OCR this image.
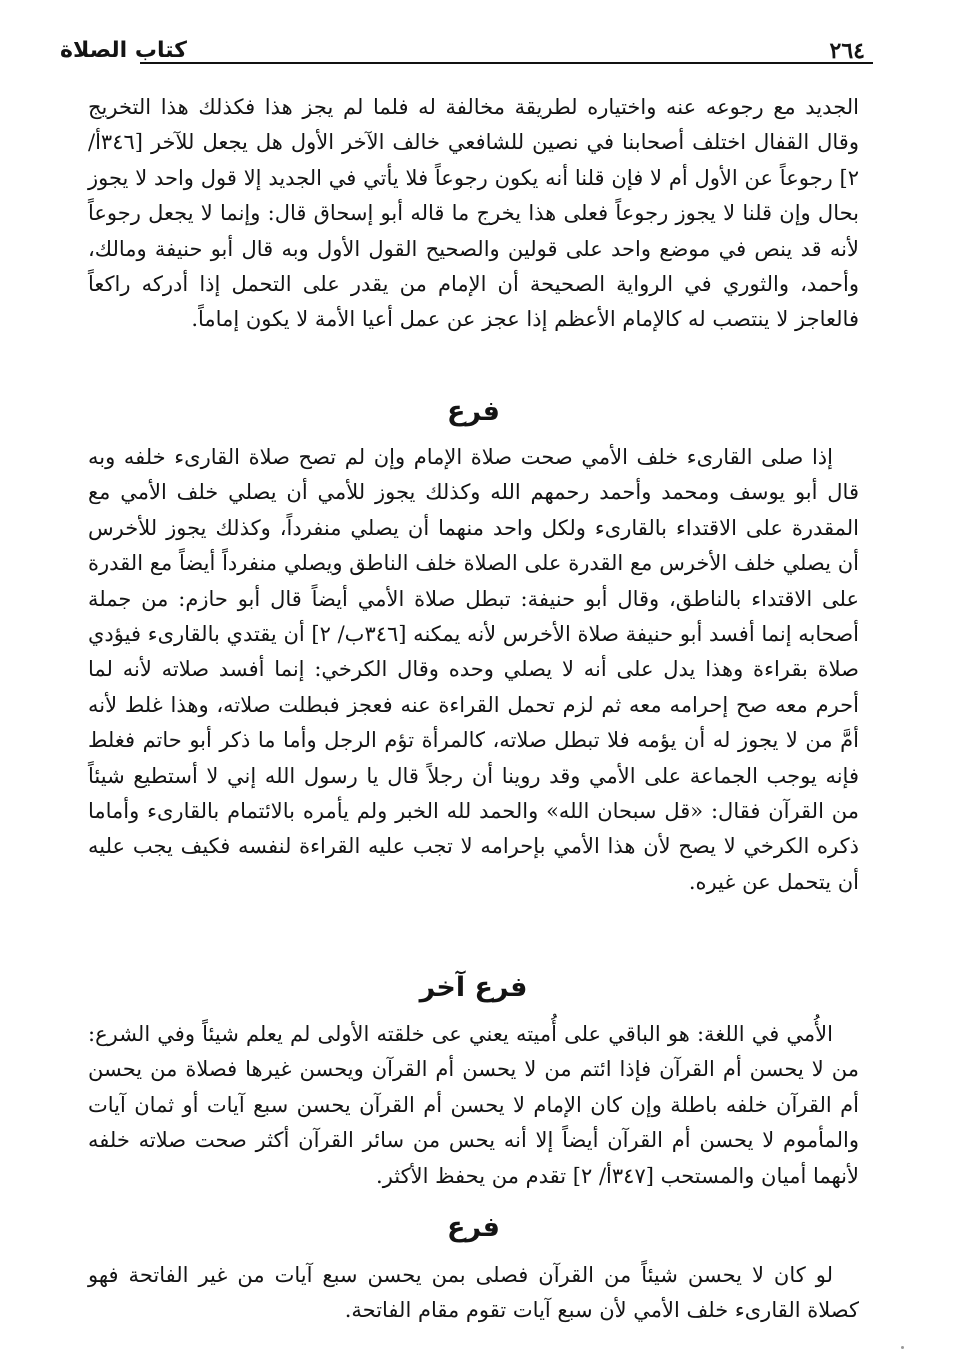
٢٦٤
كتاب الصلاة

الجديد مع رجوعه عنه واختياره لطريقة مخالفة له فلما لم يجز هذا فكذلك هذا التخريج وقال القفال اختلف أصحابنا في نصين للشافعي خالف الآخر الأول هل يجعل للآخر [٣٤٦أ/ ٢] رجوعاً عن الأول أم لا فإن قلنا أنه يكون رجوعاً فلا يأتي في الجديد إلا قول واحد لا يجوز بحال وإن قلنا لا يجوز رجوعاً فعلى هذا يخرج ما قاله أبو إسحاق قال: وإنما لا يجعل رجوعاً لأنه قد ينص في موضع واحد على قولين والصحيح القول الأول وبه قال أبو حنيفة ومالك، وأحمد، والثوري في الرواية الصحيحة أن الإمام من يقدر على التحمل إذا أدركه راكعاً فالعاجز لا ينتصب له كالإمام الأعظم إذا عجز عن عمل أعيا الأمة لا يكون إماماً.

فرع

إذا صلى القارىء خلف الأمي صحت صلاة الإمام وإن لم تصح صلاة القارىء خلفه وبه قال أبو يوسف ومحمد وأحمد رحمهم الله وكذلك يجوز للأمي أن يصلي خلف الأمي مع المقدرة على الاقتداء بالقارىء ولكل واحد منهما أن يصلي منفرداً، وكذلك يجوز للأخرس أن يصلي خلف الأخرس مع القدرة على الصلاة خلف الناطق ويصلي منفرداً أيضاً مع القدرة على الاقتداء بالناطق، وقال أبو حنيفة: تبطل صلاة الأمي أيضاً قال أبو حازم: من جملة أصحابه إنما أفسد أبو حنيفة صلاة الأخرس لأنه يمكنه [٣٤٦ب/ ٢] أن يقتدي بالقارىء فيؤدي صلاة بقراءة وهذا يدل على أنه لا يصلي وحده وقال الكرخي: إنما أفسد صلاته لأنه لما أحرم معه صح إحرامه معه ثم لزم تحمل القراءة عنه فعجز فبطلت صلاته، وهذا غلط لأنه أمَّ من لا يجوز له أن يؤمه فلا تبطل صلاته، كالمرأة تؤم الرجل وأما ما ذكر أبو حاتم فغلط فإنه يوجب الجماعة على الأمي وقد روينا أن رجلاً قال يا رسول الله إني لا أستطيع شيئاً من القرآن فقال: «قل سبحان الله» والحمد لله الخبر ولم يأمره بالائتمام بالقارىء وأماما ذكره الكرخي لا يصح لأن هذا الأمي بإحرامه لا تجب عليه القراءة لنفسه فكيف يجب عليه أن يتحمل عن غيره.

فرع آخر

الأُمي في اللغة: هو الباقي على أُميته يعني عى خلقته الأولى لم يعلم شيئاً وفي الشرع: من لا يحسن أم القرآن فإذا ائتم من لا يحسن أم القرآن ويحسن غيرها فصلاة من يحسن أم القرآن خلفه باطلة وإن كان الإمام لا يحسن أم القرآن يحسن سبع آيات أو ثمان آيات والمأموم لا يحسن أم القرآن أيضاً إلا أنه يحس من سائر القرآن أكثر صحت صلاته خلفه لأنهما أميان والمستحب [٣٤٧أ/ ٢] تقدم من يحفظ الأكثر.

فرع

لو كان لا يحسن شيئاً من القرآن فصلى بمن يحسن سبع آيات من غير الفاتحة فهو كصلاة القارىء خلف الأمي لأن سبع آيات تقوم مقام الفاتحة.
